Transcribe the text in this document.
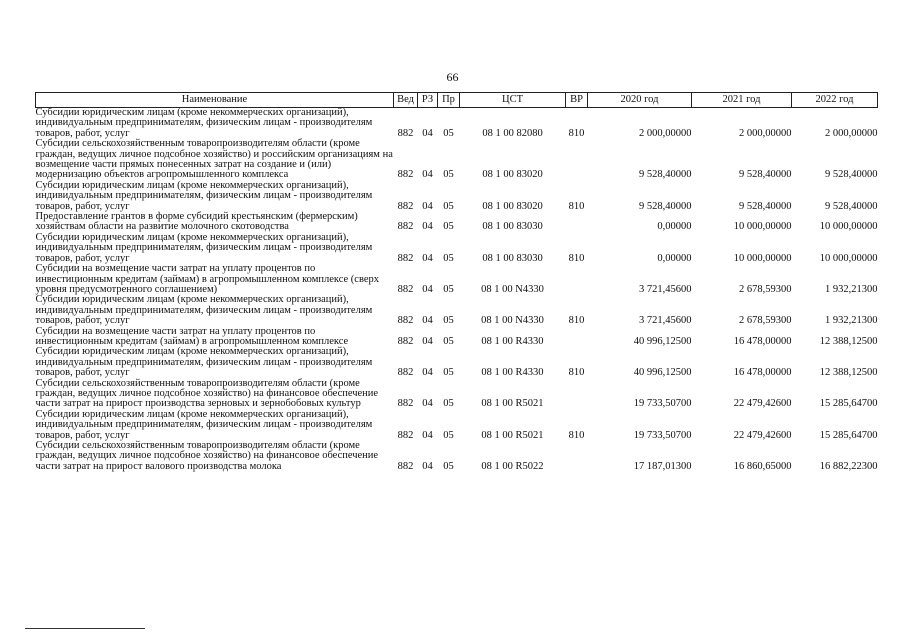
66
Наименование	Вед	РЗ	Пр	ЦСТ	ВР	2020 год	2021 год	2022 год
Субсидии юридическим лицам (кроме некоммерческих организаций), индивидуальным предпринимателям, физическим лицам - производителям товаров, работ, услуг	882	04	05	08 1 00 82080	810	2 000,00000	2 000,00000	2 000,00000
Субсидии сельскохозяйственным товаропроизводителям области (кроме граждан, ведущих личное подсобное хозяйство) и российским организациям на возмещение части прямых понесенных затрат на создание и (или) модернизацию объектов агропромышленного комплекса	882	04	05	08 1 00 83020		9 528,40000	9 528,40000	9 528,40000
Субсидии юридическим лицам (кроме некоммерческих организаций), индивидуальным предпринимателям, физическим лицам - производителям товаров, работ, услуг	882	04	05	08 1 00 83020	810	9 528,40000	9 528,40000	9 528,40000
Предоставление грантов в форме субсидий крестьянским (фермерским) хозяйствам области на развитие молочного скотоводства	882	04	05	08 1 00 83030		0,00000	10 000,00000	10 000,00000
Субсидии юридическим лицам (кроме некоммерческих организаций), индивидуальным предпринимателям, физическим лицам - производителям товаров, работ, услуг	882	04	05	08 1 00 83030	810	0,00000	10 000,00000	10 000,00000
Субсидии на возмещение части затрат на уплату процентов по инвестиционным кредитам (займам) в агропромышленном комплексе (сверх уровня предусмотренного соглашением)	882	04	05	08 1 00 N4330		3 721,45600	2 678,59300	1 932,21300
Субсидии юридическим лицам (кроме некоммерческих организаций), индивидуальным предпринимателям, физическим лицам - производителям товаров, работ, услуг	882	04	05	08 1 00 N4330	810	3 721,45600	2 678,59300	1 932,21300
Субсидии на возмещение части затрат на уплату процентов по инвестиционным кредитам (займам) в агропромышленном комплексе	882	04	05	08 1 00 R4330		40 996,12500	16 478,00000	12 388,12500
Субсидии юридическим лицам (кроме некоммерческих организаций), индивидуальным предпринимателям, физическим лицам - производителям товаров, работ, услуг	882	04	05	08 1 00 R4330	810	40 996,12500	16 478,00000	12 388,12500
Субсидии сельскохозяйственным товаропроизводителям области (кроме граждан, ведущих личное подсобное хозяйство) на финансовое обеспечение части затрат на прирост производства зерновых и зернобобовых культур	882	04	05	08 1 00 R5021		19 733,50700	22 479,42600	15 285,64700
Субсидии юридическим лицам (кроме некоммерческих организаций), индивидуальным предпринимателям, физическим лицам - производителям товаров, работ, услуг	882	04	05	08 1 00 R5021	810	19 733,50700	22 479,42600	15 285,64700
Субсидии сельскохозяйственным товаропроизводителям области (кроме граждан, ведущих личное подсобное хозяйство) на финансовое обеспечение части затрат на прирост валового производства молока	882	04	05	08 1 00 R5022		17 187,01300	16 860,65000	16 882,22300
